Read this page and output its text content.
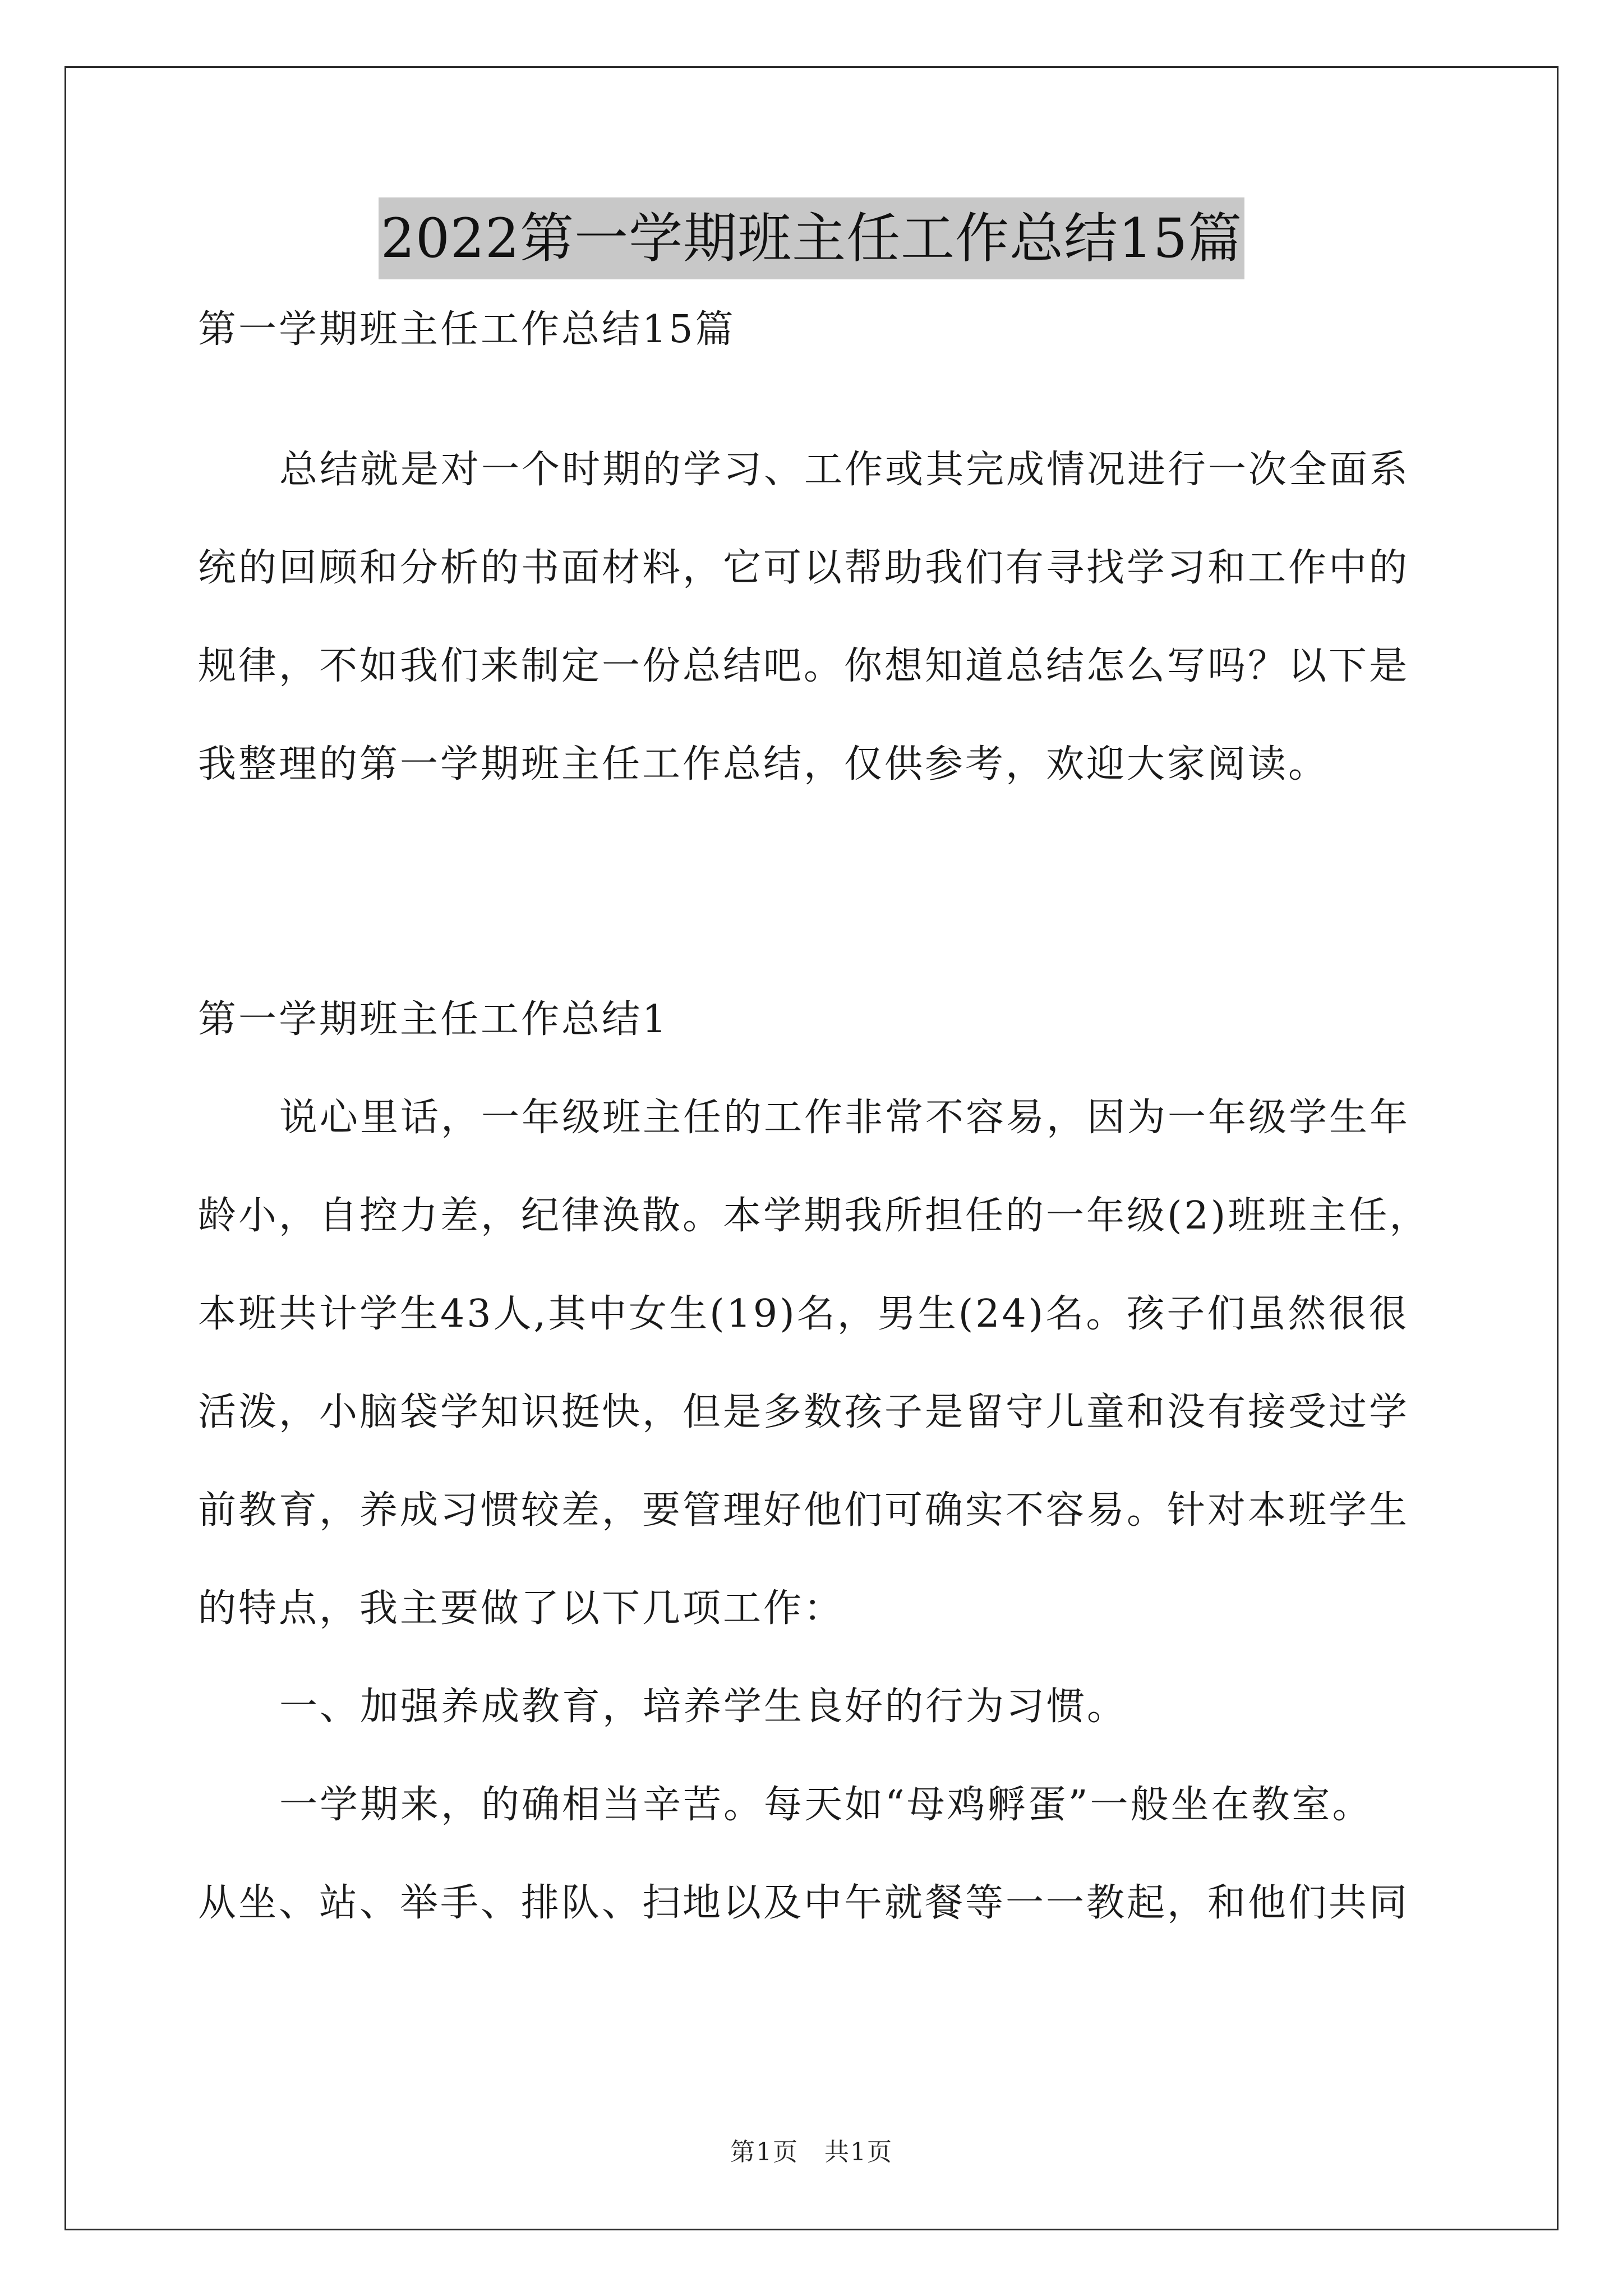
2022第一学期班主任工作总结15篇
第一学期班主任工作总结15篇
总结就是对一个时期的学习、工作或其完成情况进行一次全面系
统的回顾和分析的书面材料，它可以帮助我们有寻找学习和工作中的
规律，不如我们来制定一份总结吧。你想知道总结怎么写吗？以下是
我整理的第一学期班主任工作总结，仅供参考，欢迎大家阅读。
第一学期班主任工作总结1
说心里话，一年级班主任的工作非常不容易，因为一年级学生年
龄小，自控力差，纪律涣散。本学期我所担任的一年级(2)班班主任，
本班共计学生43人,其中女生(19)名，男生(24)名。孩子们虽然很很
活泼，小脑袋学知识挺快，但是多数孩子是留守儿童和没有接受过学
前教育，养成习惯较差，要管理好他们可确实不容易。针对本班学生
的特点，我主要做了以下几项工作：
一、加强养成教育，培养学生良好的行为习惯。
一学期来，的确相当辛苦。每天如“母鸡孵蛋”一般坐在教室。
从坐、站、举手、排队、扫地以及中午就餐等一一教起，和他们共同
第1页　共1页
